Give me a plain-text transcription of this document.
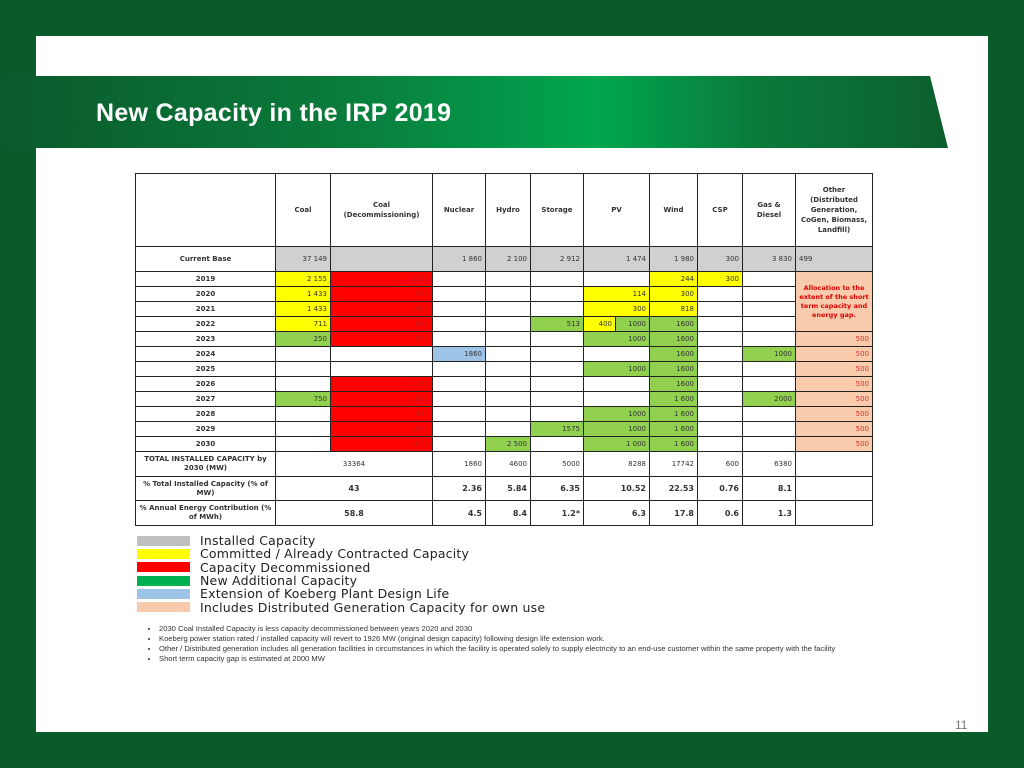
New Capacity in the IRP 2019
	Coal	Coal (Decommissioning)	Nuclear	Hydro	Storage	PV		Wind	CSP	Gas & Diesel	Other (Distributed Generation, CoGen, Biomass, Landfill)
Current Base	37 149		1 860	2 100	2 912	1 474		1 980	300	3 830	499
2019	2 155	-2373						244	300		Allocation to the extent of the short term capacity and energy gap.
2020	1 433	-557				114		300			
2021	1 433	-1403				300		818			
2022	711	-844			513	400	1000	1600			
2023	250	-555				1000		1600			500
2024			1860					1600		1000	500
2025						1000		1600			500
2026		-1219						1600			500
2027	750	-847						1 600		2000	500
2028		-475				1000		1 600			500
2029		-1694			1575	1000		1 600			500
2030		-1050		2 500		1 000		1 600			500
TOTAL INSTALLED CAPACITY by 2030 (MW)	33364		1860	4600	5000	8288		17742	600	6380	
% Total Installed Capacity (% of MW)	43		2.36	5.84	6.35	10.52		22.53	0.76	8.1	
% Annual Energy Contribution (% of MWh)	58.8		4.5	8.4	1.2*	6.3		17.8	0.6	1.3	
Installed Capacity
Committed / Already Contracted Capacity
Capacity Decommissioned
New Additional Capacity
Extension of Koeberg Plant Design Life
Includes Distributed Generation Capacity for own use
• 2030 Coal Installed Capacity is less capacity decommissioned between years 2020 and 2030
• Koeberg power station rated / installed capacity will revert to 1926 MW (original design capacity) following design life extension work.
• Other / Distributed generation includes all generation facilities in circumstances in which the facility is operated solely to supply electricity to an end-use customer within the same property with the facility
• Short term capacity gap is estimated at 2000 MW
11
